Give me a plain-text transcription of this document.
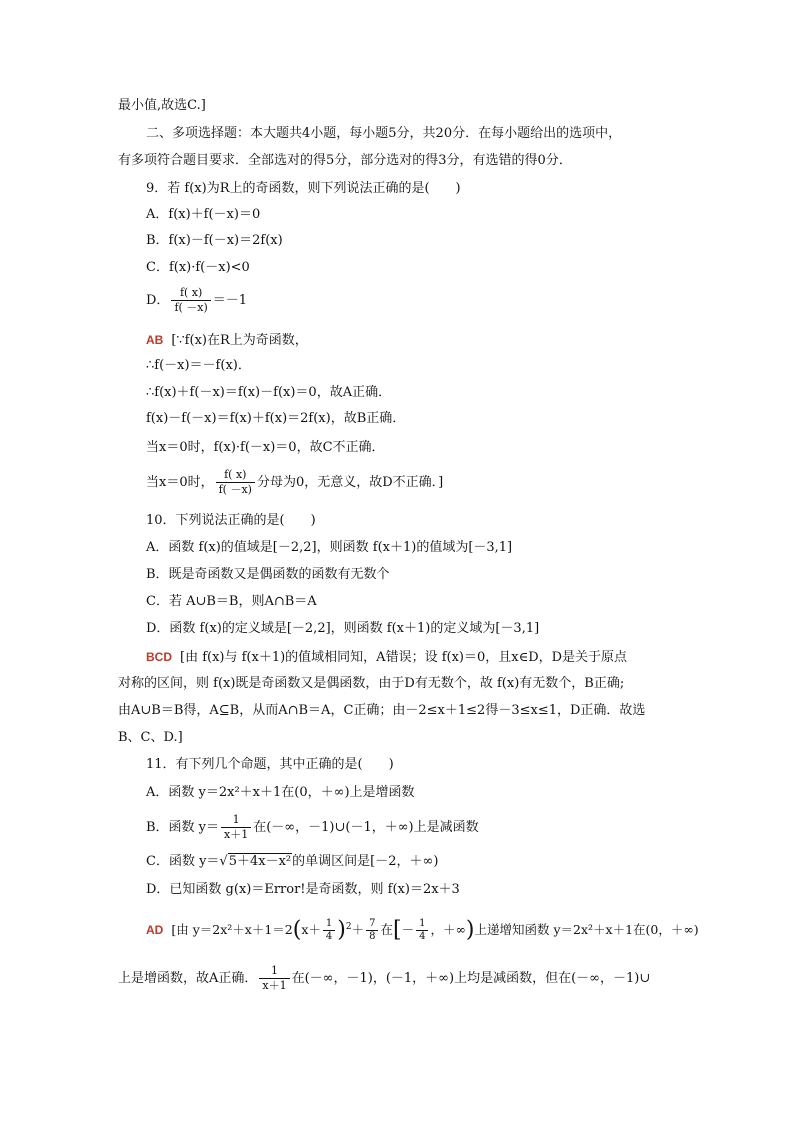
最小值,故选C.]
二、多项选择题：本大题共4小题，每小题5分，共20分．在每小题给出的选项中，
有多项符合题目要求．全部选对的得5分，部分选对的得3分，有选错的得0分．
9．若 f(x)为R上的奇函数，则下列说法正确的是(　　)
A．f(x)＋f(－x)＝0
B．f(x)－f(－x)＝2f(x)
C．f(x)·f(－x)<0
D． $\frac{f( x)}{f( -x)} =-1$
AB [∵f(x)在R上为奇函数，
∴f(－x)＝－f(x)．
∴f(x)＋f(－x)＝f(x)－f(x)＝0，故A正确．
f(x)－f(－x)＝f(x)＋f(x)＝2f(x)，故B正确．
当x＝0时，f(x)·f(－x)＝0，故C不正确．
当x＝0时， $\frac{f( x)}{f( -x)}$ 分母为0，无意义，故D不正确．]
10．下列说法正确的是(　　)
A．函数 f(x)的值域是[－2,2]，则函数 f(x＋1)的值域为[－3,1]
B．既是奇函数又是偶函数的函数有无数个
C．若 A∪B＝B，则A∩B＝A
D．函数 f(x)的定义域是[－2,2]，则函数 f(x＋1)的定义域为[－3,1]
BCD [由 f(x)与 f(x＋1)的值域相同知，A错误；设 f(x)＝0，且x∈D，D是关于原点
对称的区间，则 f(x)既是奇函数又是偶函数，由于D有无数个，故 f(x)有无数个，B正确;
由A∪B＝B得，A⊆B，从而A∩B＝A，C正确；由－2≤x＋1≤2得－3≤x≤1，D正确．故选
B、C、D.]
11．有下列几个命题，其中正确的是(　　)
A．函数 y＝2x²＋x＋1在(0，＋∞)上是增函数
B．函数 $y= \frac{1}{x+1}$ 在(－∞，－1)∪(－1，＋∞)上是减函数
C．函数 y＝√5＋4x－x²的单调区间是[－2，＋∞)
D．已知函数 g(x)＝Error!是奇函数，则 f(x)＝2x＋3
AD [由 $y=2x^2+x+1=2(x+ \frac{1}{4} )^2+ \frac{7}{8}$ 在[－ $\frac{1}{4}$ ，＋∞)上递增知函数 y＝2x²＋x＋1在(0，＋∞)
上是增函数，故A正确． $\frac{1}{x+1}$ 在(－∞，－1)，(－1，＋∞)上均是减函数，但在(－∞，－1)∪
